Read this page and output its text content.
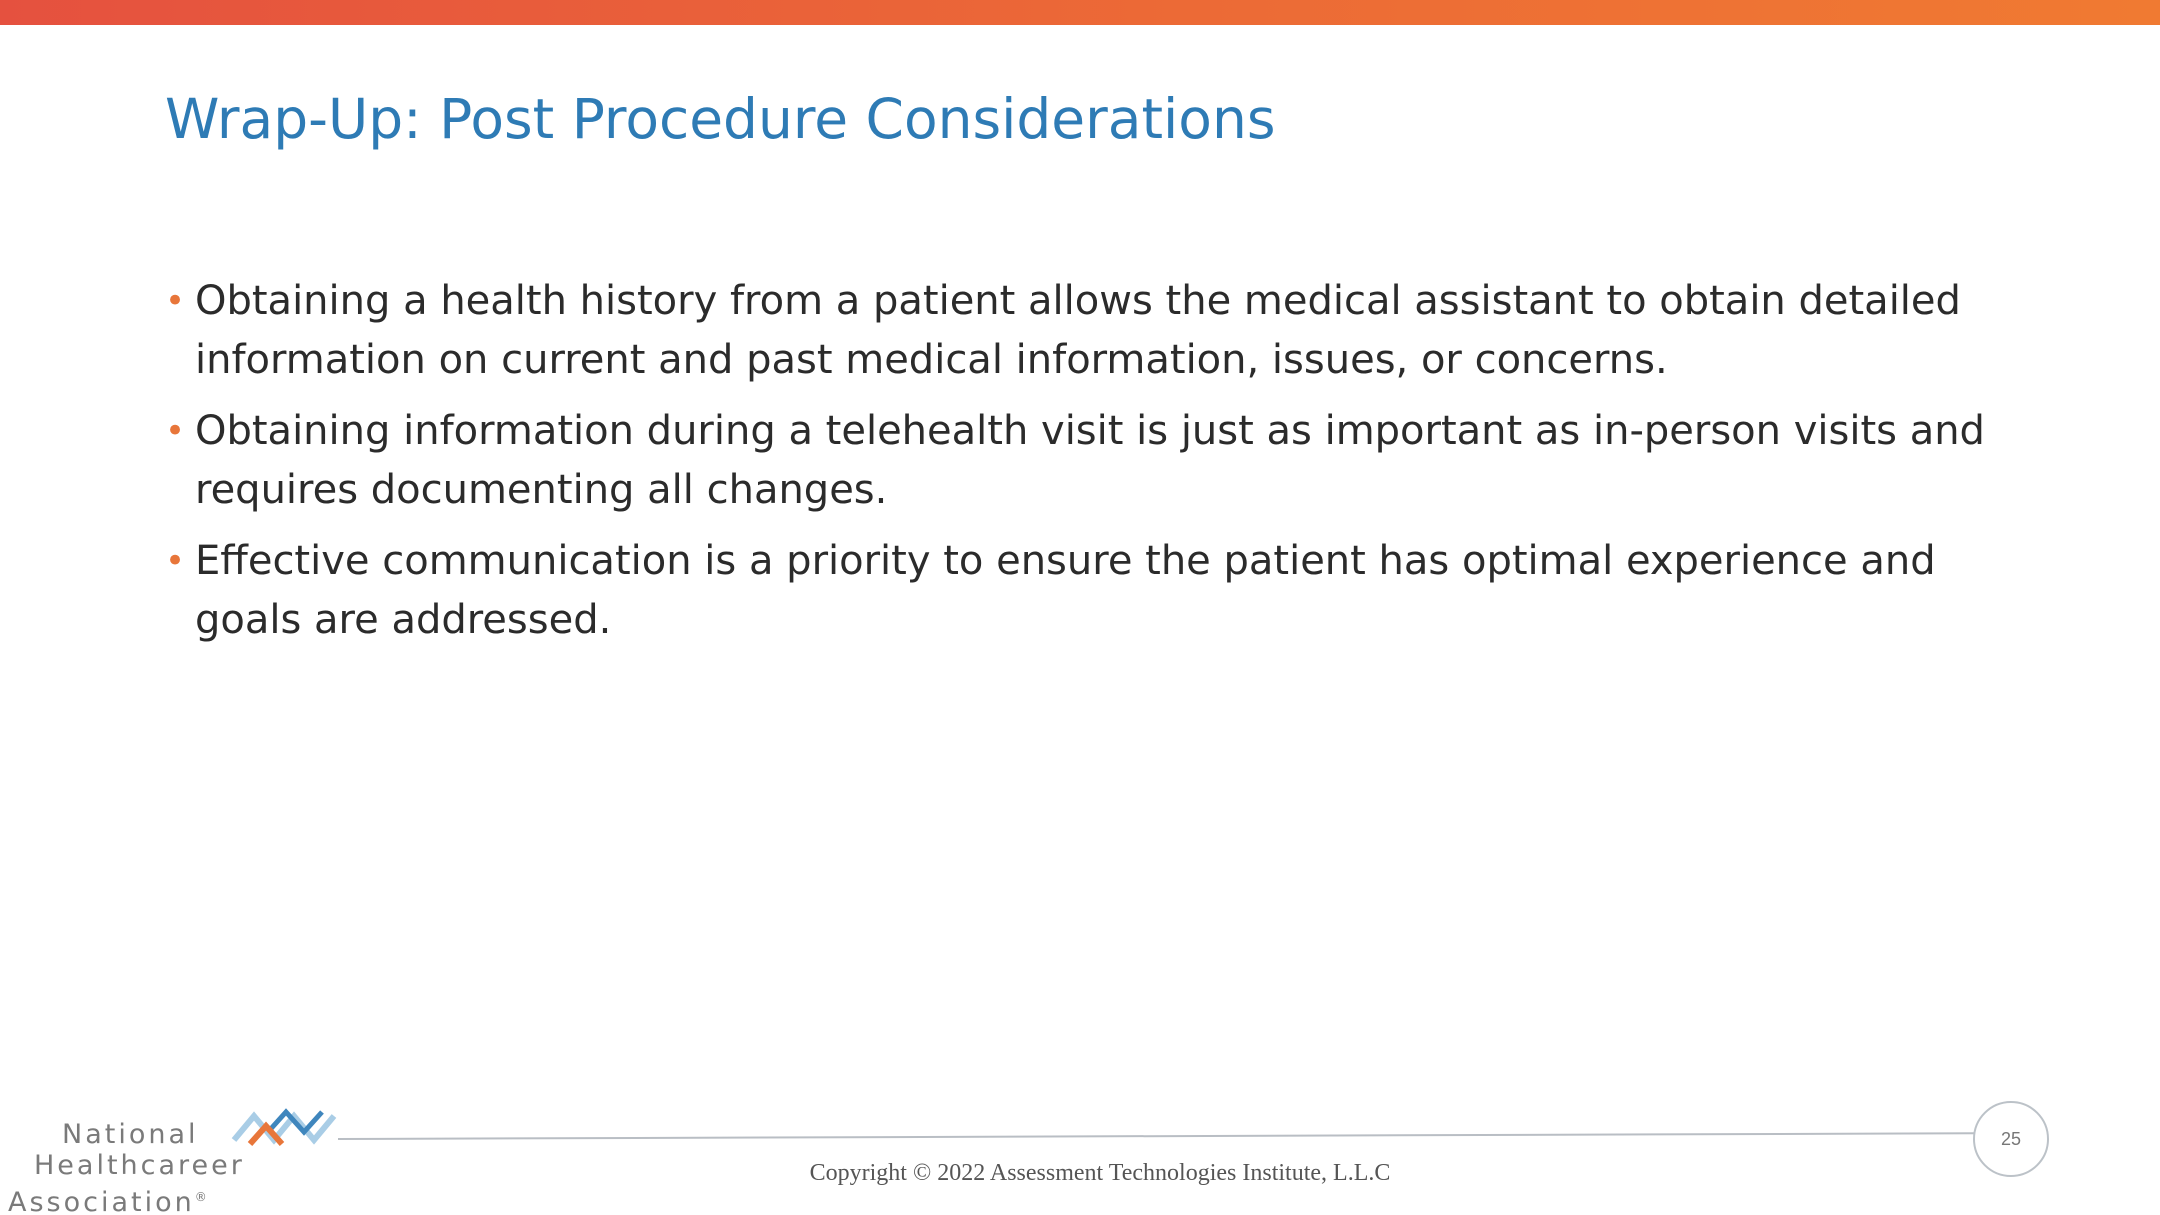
Wrap-Up: Post Procedure Considerations
• Obtaining a health history from a patient allows the medical assistant to obtain detailed information on current and past medical information, issues, or concerns.
• Obtaining information during a telehealth visit is just as important as in-person visits and requires documenting all changes.
• Effective communication is a priority to ensure the patient has optimal experience and goals are addressed.
National
Healthcareer
Association®
Copyright © 2022 Assessment Technologies Institute, L.L.C
25
